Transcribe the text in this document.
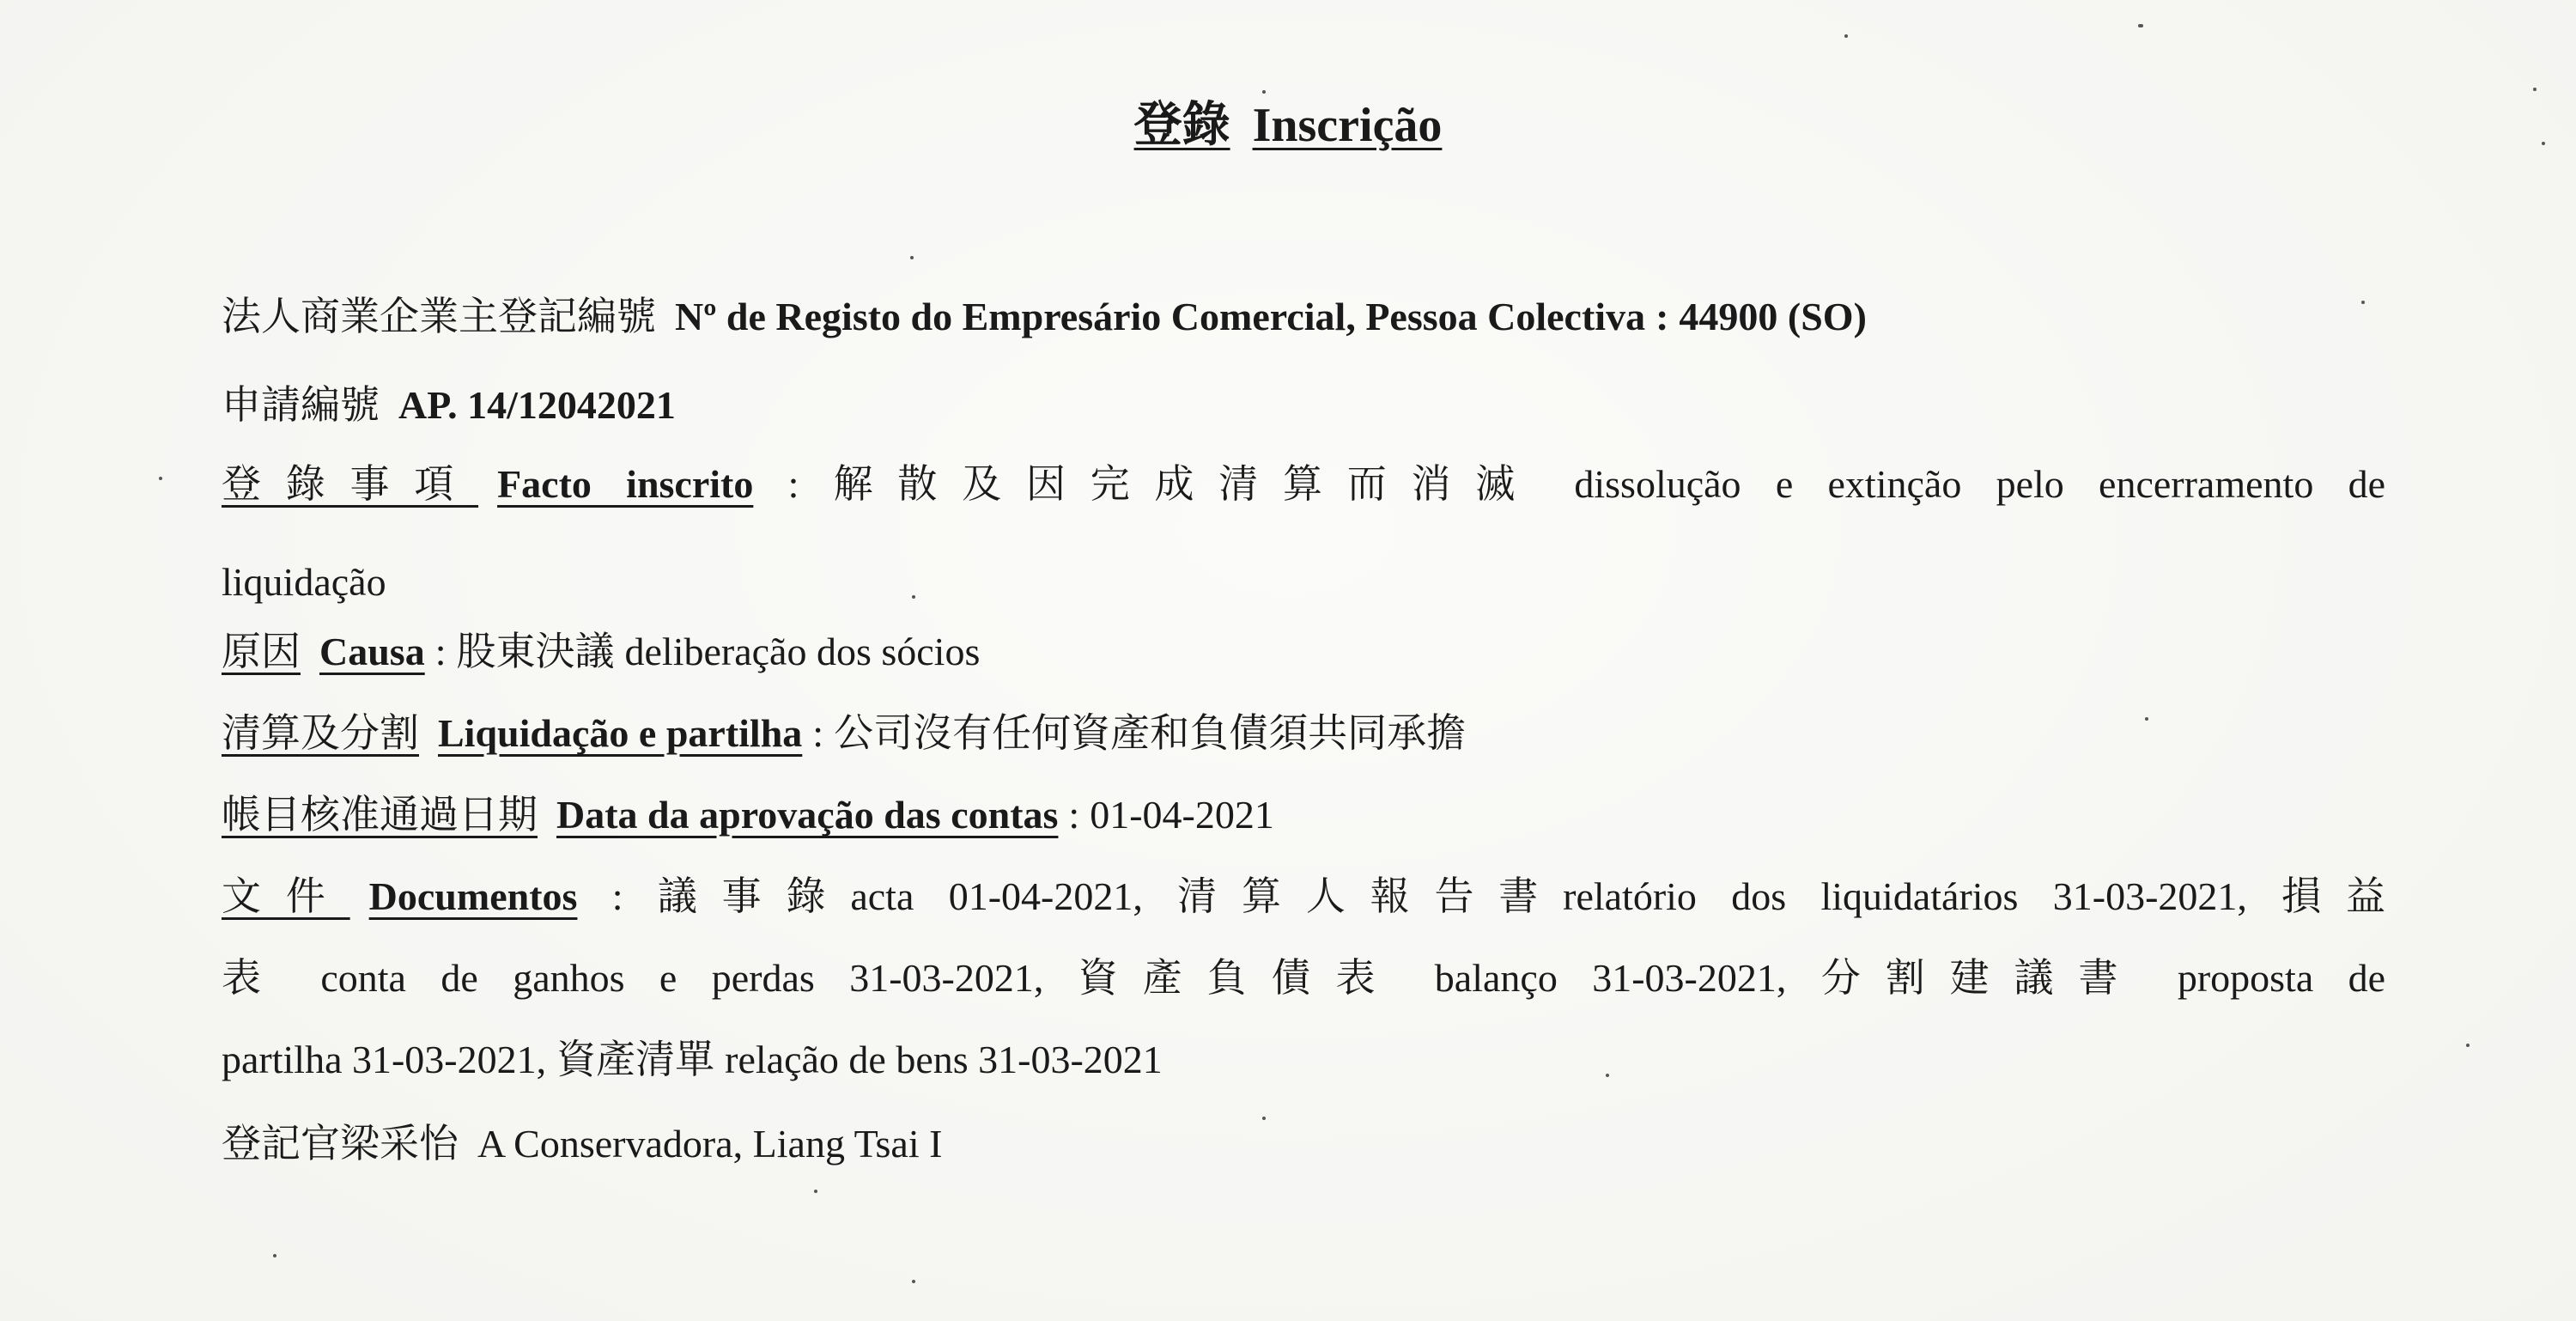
登錄 Inscrição
法人商業企業主登記編號 Nº de Registo do Empresário Comercial, Pessoa Colectiva : 44900 (SO)
申請編號 AP. 14/12042021
登錄事項 Facto inscrito : 解散及因完成清算而消滅 dissolução e extinção pelo encerramento de
liquidação
原因 Causa : 股東決議 deliberação dos sócios
清算及分割 Liquidação e partilha : 公司沒有任何資產和負債須共同承擔
帳目核准通過日期 Data da aprovação das contas : 01-04-2021
文件 Documentos : 議事錄acta 01-04-2021, 清算人報告書relatório dos liquidatários 31-03-2021, 損益
表 conta de ganhos e perdas 31-03-2021, 資產負債表 balanço 31-03-2021, 分割建議書 proposta de
partilha 31-03-2021, 資產清單 relação de bens 31-03-2021
登記官梁采怡 A Conservadora, Liang Tsai I
